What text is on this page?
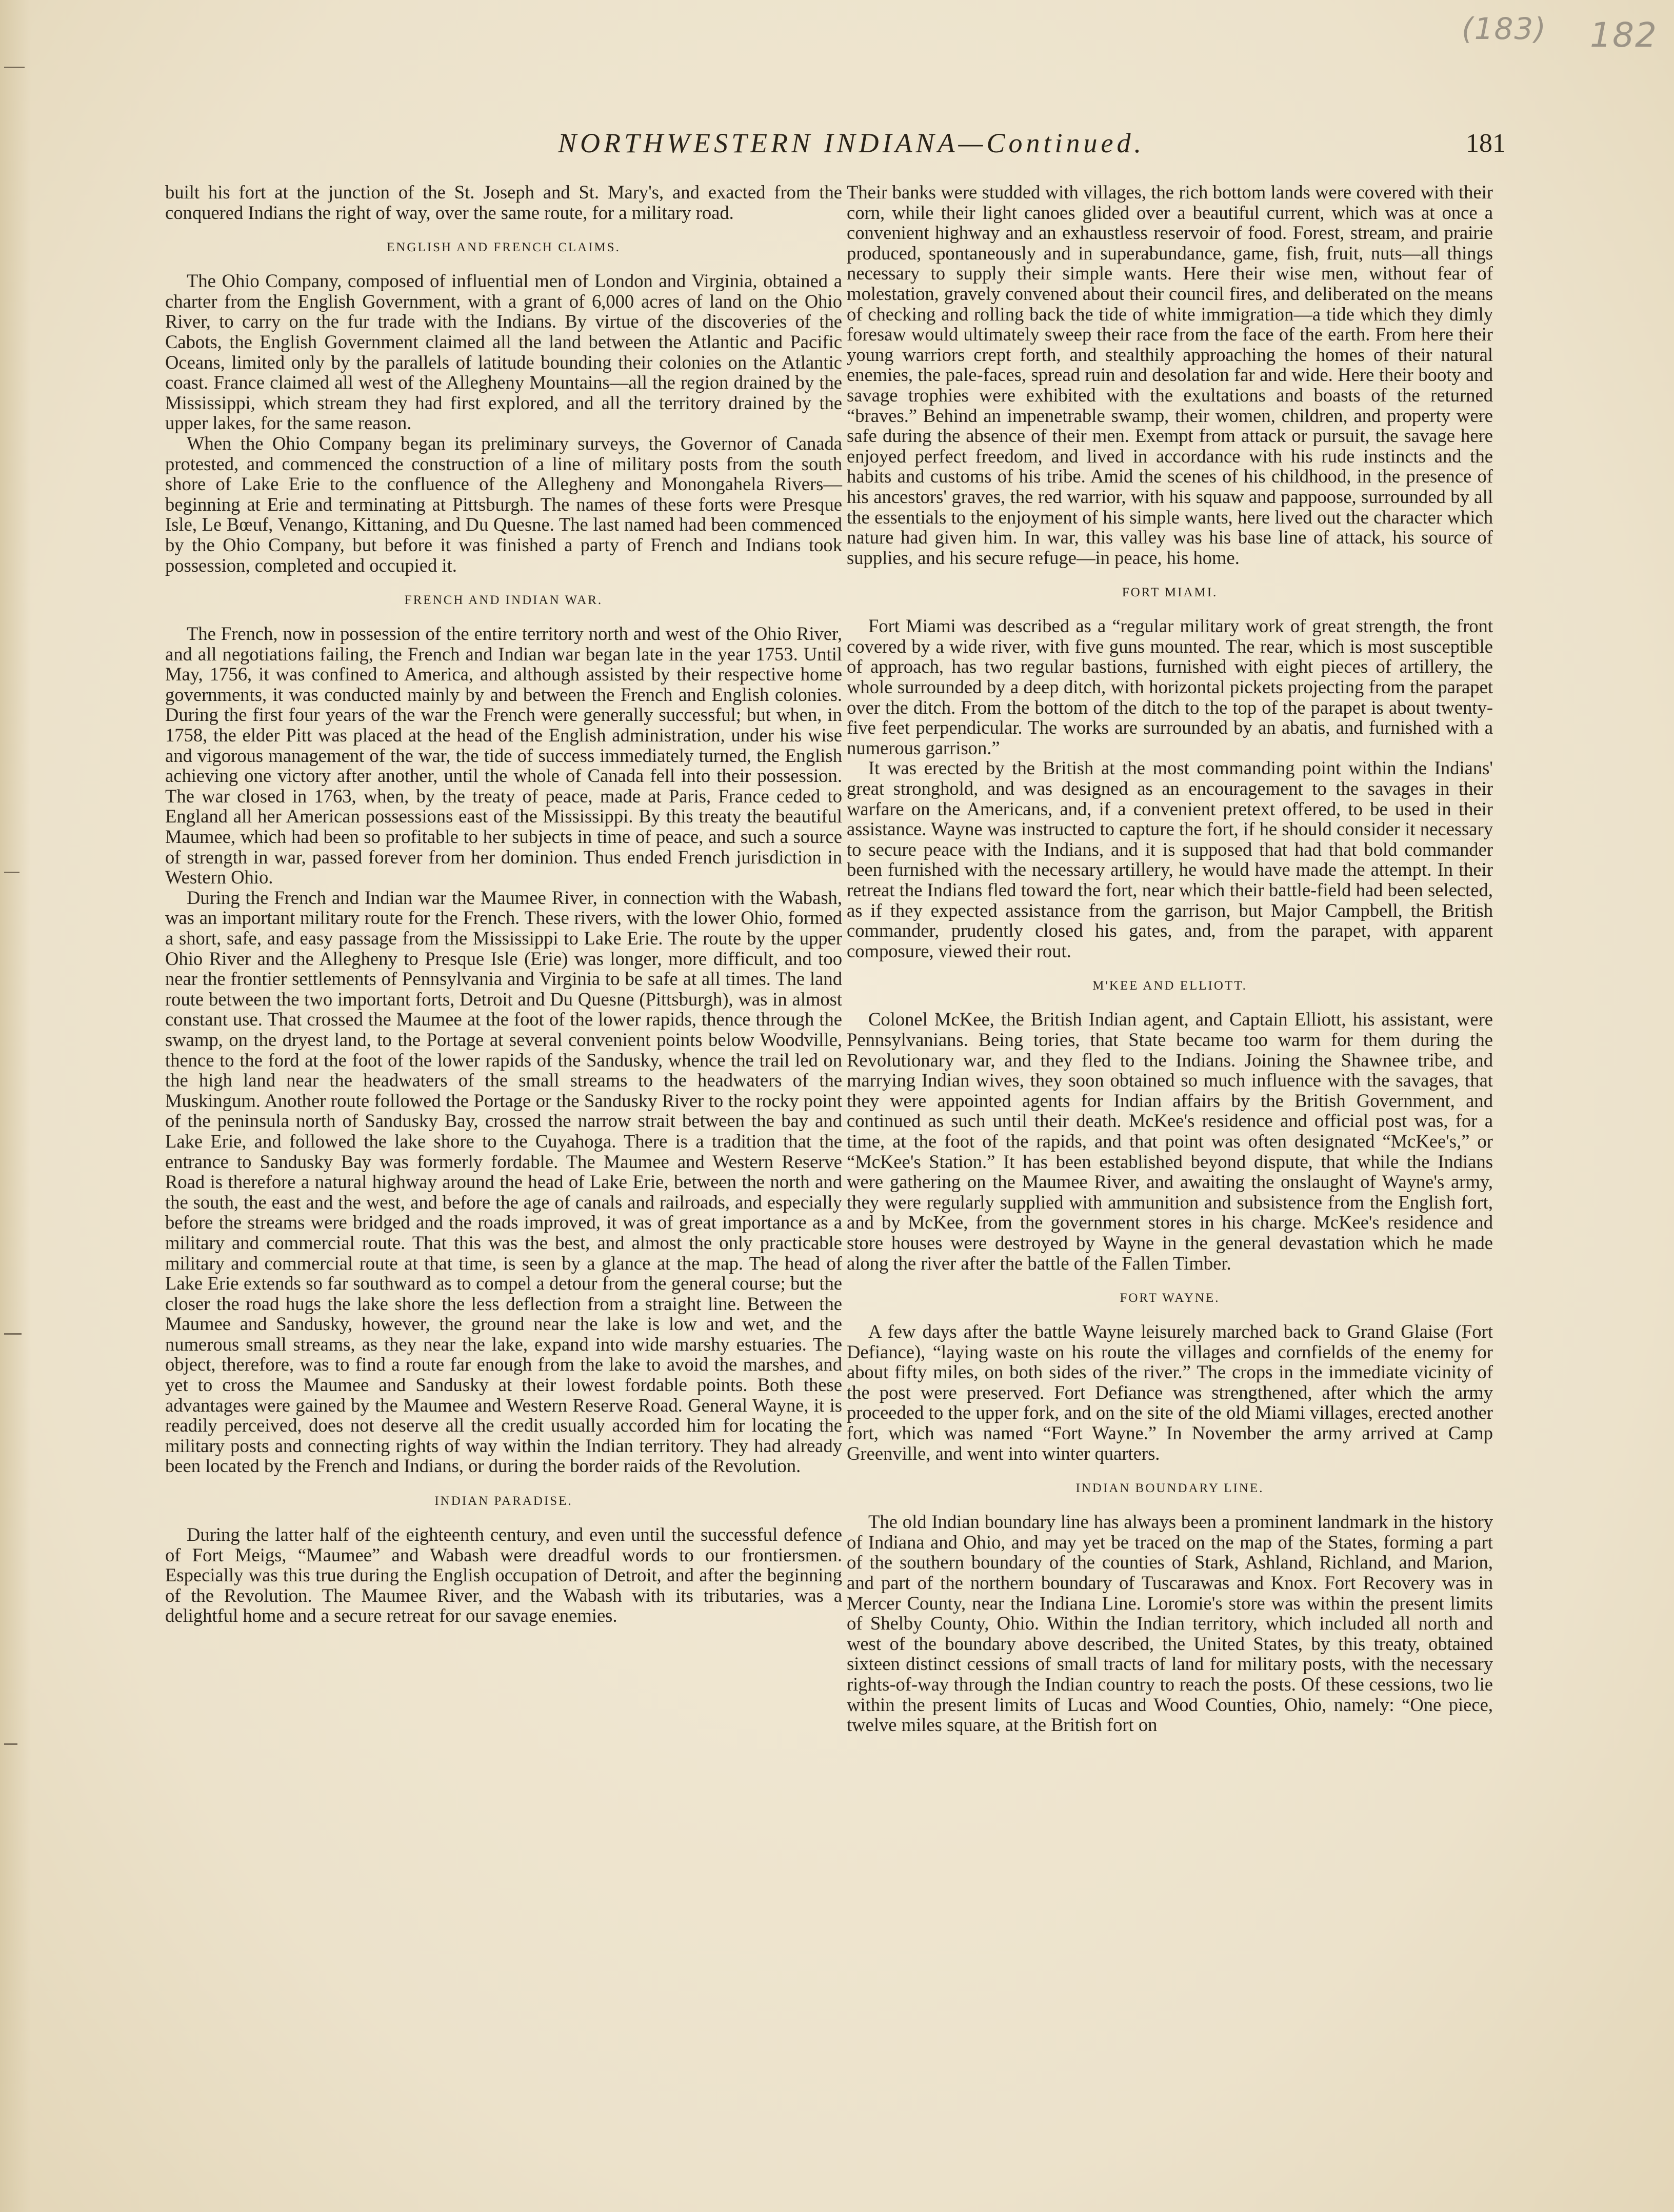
(183) 182
NORTHWESTERN INDIANA—Continued.	181

built his fort at the junction of the St. Joseph and St. Mary's, and exacted from the conquered Indians the right of way, over the same route, for a military road.

ENGLISH AND FRENCH CLAIMS.

The Ohio Company, composed of influential men of London and Virginia, obtained a charter from the English Government, with a grant of 6,000 acres of land on the Ohio River, to carry on the fur trade with the Indians. By virtue of the discoveries of the Cabots, the English Government claimed all the land between the Atlantic and Pacific Oceans, limited only by the parallels of latitude bounding their colonies on the Atlantic coast. France claimed all west of the Allegheny Mountains—all the region drained by the Mississippi, which stream they had first explored, and all the territory drained by the upper lakes, for the same reason.

When the Ohio Company began its preliminary surveys, the Governor of Canada protested, and commenced the construction of a line of military posts from the south shore of Lake Erie to the confluence of the Allegheny and Monongahela Rivers—beginning at Erie and terminating at Pittsburgh. The names of these forts were Presque Isle, Le Bœuf, Venango, Kittaning, and Du Quesne. The last named had been commenced by the Ohio Company, but before it was finished a party of French and Indians took possession, completed and occupied it.

FRENCH AND INDIAN WAR.

The French, now in possession of the entire territory north and west of the Ohio River, and all negotiations failing, the French and Indian war began late in the year 1753. Until May, 1756, it was confined to America, and although assisted by their respective home governments, it was conducted mainly by and between the French and English colonies. During the first four years of the war the French were generally successful; but when, in 1758, the elder Pitt was placed at the head of the English administration, under his wise and vigorous management of the war, the tide of success immediately turned, the English achieving one victory after another, until the whole of Canada fell into their possession. The war closed in 1763, when, by the treaty of peace, made at Paris, France ceded to England all her American possessions east of the Mississippi. By this treaty the beautiful Maumee, which had been so profitable to her subjects in time of peace, and such a source of strength in war, passed forever from her dominion. Thus ended French jurisdiction in Western Ohio.

During the French and Indian war the Maumee River, in connection with the Wabash, was an important military route for the French. These rivers, with the lower Ohio, formed a short, safe, and easy passage from the Mississippi to Lake Erie. The route by the upper Ohio River and the Allegheny to Presque Isle (Erie) was longer, more difficult, and too near the frontier settlements of Pennsylvania and Virginia to be safe at all times. The land route between the two important forts, Detroit and Du Quesne (Pittsburgh), was in almost constant use. That crossed the Maumee at the foot of the lower rapids, thence through the swamp, on the dryest land, to the Portage at several convenient points below Woodville, thence to the ford at the foot of the lower rapids of the Sandusky, whence the trail led on the high land near the headwaters of the small streams to the headwaters of the Muskingum. Another route followed the Portage or the Sandusky River to the rocky point of the peninsula north of Sandusky Bay, crossed the narrow strait between the bay and Lake Erie, and followed the lake shore to the Cuyahoga. There is a tradition that the entrance to Sandusky Bay was formerly fordable. The Maumee and Western Reserve Road is therefore a natural highway around the head of Lake Erie, between the north and the south, the east and the west, and before the age of canals and railroads, and especially before the streams were bridged and the roads improved, it was of great importance as a military and commercial route. That this was the best, and almost the only practicable military and commercial route at that time, is seen by a glance at the map. The head of Lake Erie extends so far southward as to compel a detour from the general course; but the closer the road hugs the lake shore the less deflection from a straight line. Between the Maumee and Sandusky, however, the ground near the lake is low and wet, and the numerous small streams, as they near the lake, expand into wide marshy estuaries. The object, therefore, was to find a route far enough from the lake to avoid the marshes, and yet to cross the Maumee and Sandusky at their lowest fordable points. Both these advantages were gained by the Maumee and Western Reserve Road. General Wayne, it is readily perceived, does not deserve all the credit usually accorded him for locating the military posts and connecting rights of way within the Indian territory. They had already been located by the French and Indians, or during the border raids of the Revolution.

INDIAN PARADISE.

During the latter half of the eighteenth century, and even until the successful defence of Fort Meigs, “Maumee” and Wabash were dreadful words to our frontiersmen. Especially was this true during the English occupation of Detroit, and after the beginning of the Revolution. The Maumee River, and the Wabash with its tributaries, was a delightful home and a secure retreat for our savage enemies.

Their banks were studded with villages, the rich bottom lands were covered with their corn, while their light canoes glided over a beautiful current, which was at once a convenient highway and an exhaustless reservoir of food. Forest, stream, and prairie produced, spontaneously and in superabundance, game, fish, fruit, nuts—all things necessary to supply their simple wants. Here their wise men, without fear of molestation, gravely convened about their council fires, and deliberated on the means of checking and rolling back the tide of white immigration—a tide which they dimly foresaw would ultimately sweep their race from the face of the earth. From here their young warriors crept forth, and stealthily approaching the homes of their natural enemies, the pale-faces, spread ruin and desolation far and wide. Here their booty and savage trophies were exhibited with the exultations and boasts of the returned “braves.” Behind an impenetrable swamp, their women, children, and property were safe during the absence of their men. Exempt from attack or pursuit, the savage here enjoyed perfect freedom, and lived in accordance with his rude instincts and the habits and customs of his tribe. Amid the scenes of his childhood, in the presence of his ancestors' graves, the red warrior, with his squaw and pappoose, surrounded by all the essentials to the enjoyment of his simple wants, here lived out the character which nature had given him. In war, this valley was his base line of attack, his source of supplies, and his secure refuge—in peace, his home.

FORT MIAMI.

Fort Miami was described as a “regular military work of great strength, the front covered by a wide river, with five guns mounted. The rear, which is most susceptible of approach, has two regular bastions, furnished with eight pieces of artillery, the whole surrounded by a deep ditch, with horizontal pickets projecting from the parapet over the ditch. From the bottom of the ditch to the top of the parapet is about twenty-five feet perpendicular. The works are surrounded by an abatis, and furnished with a numerous garrison.”

It was erected by the British at the most commanding point within the Indians' great stronghold, and was designed as an encouragement to the savages in their warfare on the Americans, and, if a convenient pretext offered, to be used in their assistance. Wayne was instructed to capture the fort, if he should consider it necessary to secure peace with the Indians, and it is supposed that had that bold commander been furnished with the necessary artillery, he would have made the attempt. In their retreat the Indians fled toward the fort, near which their battle-field had been selected, as if they expected assistance from the garrison, but Major Campbell, the British commander, prudently closed his gates, and, from the parapet, with apparent composure, viewed their rout.

M'KEE AND ELLIOTT.

Colonel McKee, the British Indian agent, and Captain Elliott, his assistant, were Pennsylvanians. Being tories, that State became too warm for them during the Revolutionary war, and they fled to the Indians. Joining the Shawnee tribe, and marrying Indian wives, they soon obtained so much influence with the savages, that they were appointed agents for Indian affairs by the British Government, and continued as such until their death. McKee's residence and official post was, for a time, at the foot of the rapids, and that point was often designated “McKee's,” or “McKee's Station.” It has been established beyond dispute, that while the Indians were gathering on the Maumee River, and awaiting the onslaught of Wayne's army, they were regularly supplied with ammunition and subsistence from the English fort, and by McKee, from the government stores in his charge. McKee's residence and store houses were destroyed by Wayne in the general devastation which he made along the river after the battle of the Fallen Timber.

FORT WAYNE.

A few days after the battle Wayne leisurely marched back to Grand Glaise (Fort Defiance), “laying waste on his route the villages and cornfields of the enemy for about fifty miles, on both sides of the river.” The crops in the immediate vicinity of the post were preserved. Fort Defiance was strengthened, after which the army proceeded to the upper fork, and on the site of the old Miami villages, erected another fort, which was named “Fort Wayne.” In November the army arrived at Camp Greenville, and went into winter quarters.

INDIAN BOUNDARY LINE.

The old Indian boundary line has always been a prominent landmark in the history of Indiana and Ohio, and may yet be traced on the map of the States, forming a part of the southern boundary of the counties of Stark, Ashland, Richland, and Marion, and part of the northern boundary of Tuscarawas and Knox. Fort Recovery was in Mercer County, near the Indiana Line. Loromie's store was within the present limits of Shelby County, Ohio. Within the Indian territory, which included all north and west of the boundary above described, the United States, by this treaty, obtained sixteen distinct cessions of small tracts of land for military posts, with the necessary rights-of-way through the Indian country to reach the posts. Of these cessions, two lie within the present limits of Lucas and Wood Counties, Ohio, namely: “One piece, twelve miles square, at the British fort on
